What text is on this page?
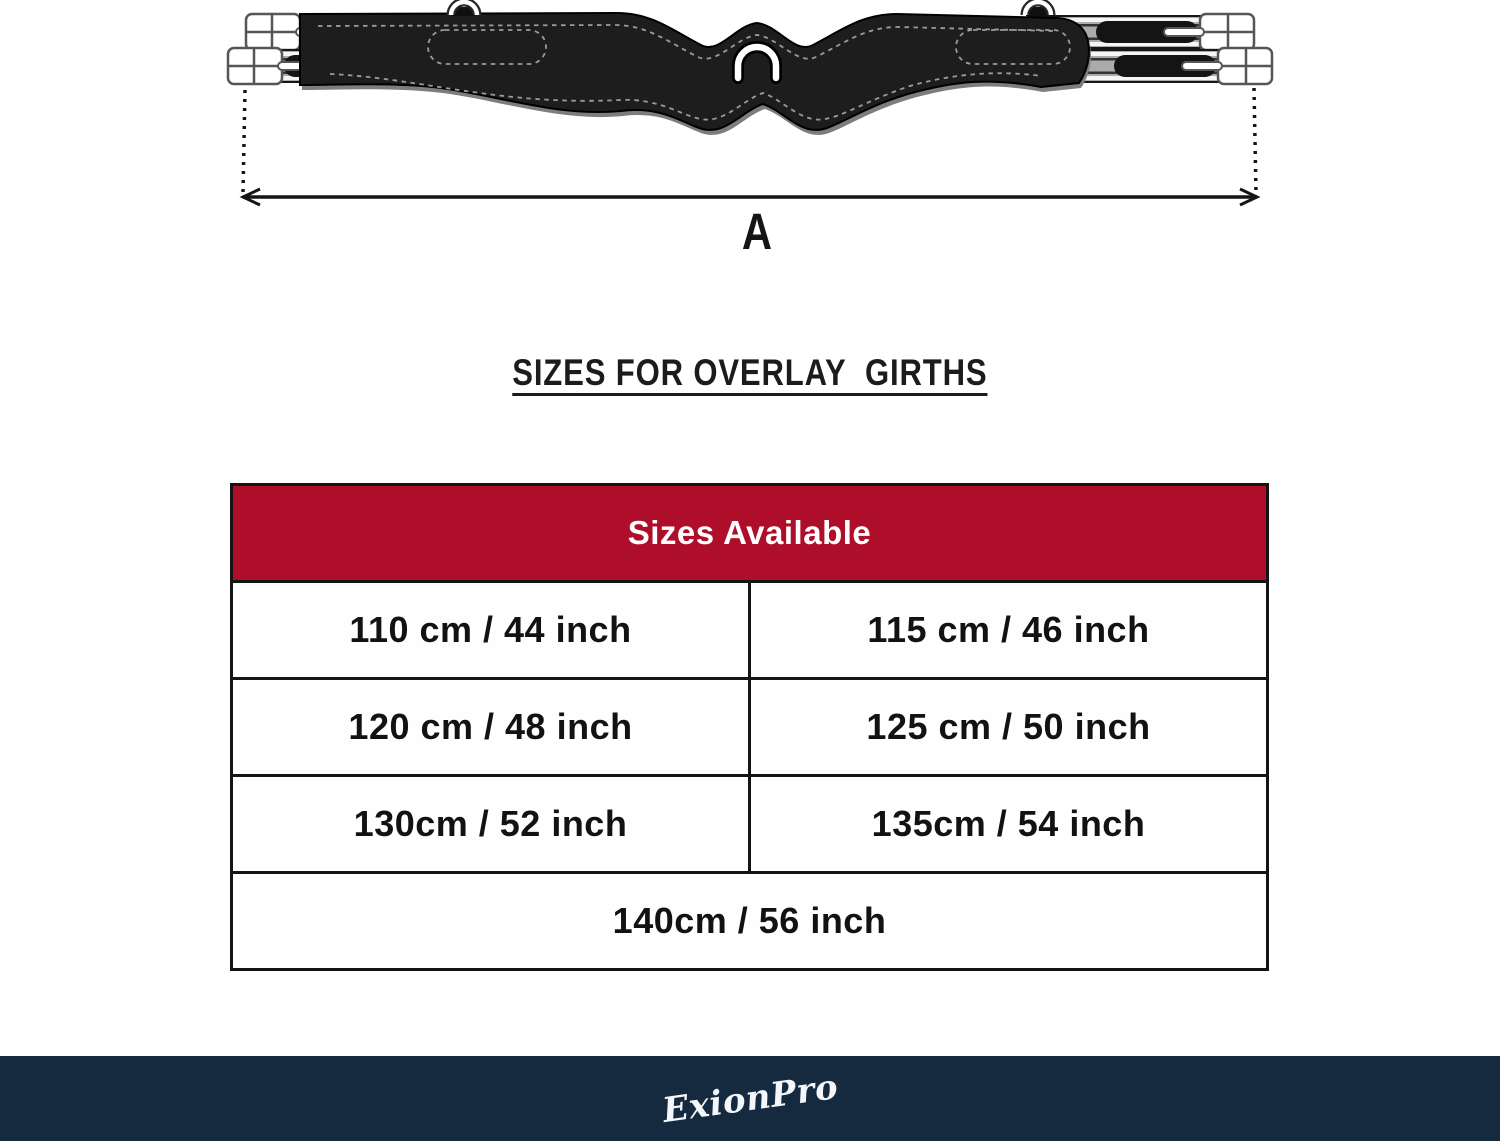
A
SIZES FOR OVERLAY  GIRTHS
Sizes Available	
110 cm / 44 inch	115 cm / 46 inch
120 cm / 48 inch	125 cm / 50 inch
130cm / 52 inch	135cm / 54 inch
140cm / 56 inch	
ExionPro
